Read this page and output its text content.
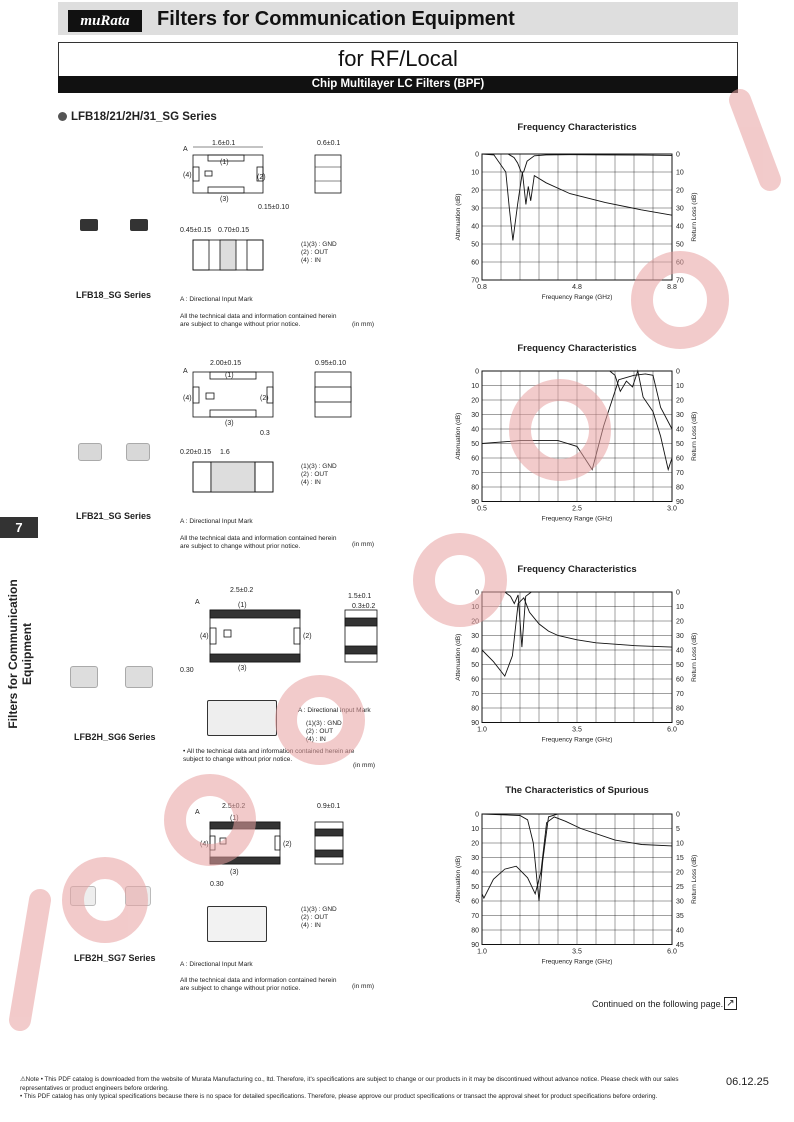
muRata	Filters for Communication Equipment
for RF/Local
Chip Multilayer LC Filters (BPF)
LFB18/21/2H/31_SG Series
7
Filters for Communication Equipment
LFB18_SG Series
1.6±0.1
A
(1)
(4)	(2)
(3)
0.15±0.10
0.6±0.1
0.45±0.15 0.70±0.15
(1)(3) : GND
(2) : OUT
(4) : IN
A : Directional Input Mark
All the technical data and information contained herein are subject to change without prior notice.	(in mm)
LFB21_SG Series
2.00±0.15
A
(1)
(4)	(2)
(3)
0.3
0.95±0.10
0.20±0.15 1.6
(1)(3) : GND
(2) : OUT
(4) : IN
A : Directional Input Mark
All the technical data and information contained herein are subject to change without prior notice.	(in mm)
LFB2H_SG6 Series
2.5±0.2
A	(1)
(4)	(2)
(3)
0.30
1.5±0.1
0.3±0.2
A : Directional Input Mark
(1)(3) : GND
(2) : OUT
(4) : IN
• All the technical data and information contained herein are subject to change without prior notice.
(in mm)
LFB2H_SG7 Series
2.5±0.2
A
(1)
(4)	(2)
(3)
0.30
0.9±0.1
(1)(3) : GND
(2) : OUT
(4) : IN
A : Directional Input Mark
All the technical data and information contained herein are subject to change without prior notice.	(in mm)
Frequency Characteristics
0	0
10	10
20	20
30	30
40	40
50	50
60	60
70	70
0.8	4.8	8.8
Frequency Range (GHz)
Attenuation (dB)	Return Loss (dB)
Frequency Characteristics
0	0
10	10
20	20
30	30
40	40
50	50
60	60
70	70
80	80
90	90
0.5	2.5	3.0
Frequency Range (GHz)
Attenuation (dB)	Return Loss (dB)
Frequency Characteristics
0	0
10	10
20	20
30	30
40	40
50	50
60	60
70	70
80	80
90	90
1.0	3.5	6.0
Frequency Range (GHz)
Attenuation (dB)	Return Loss (dB)
The Characteristics of Spurious
0	0
10	5
20	10
30	15
40	20
50	25
60	30
70	35
80	40
90	45
1.0	3.5	6.0
Frequency Range (GHz)
Attenuation (dB)	Return Loss (dB)
Continued on the following page. ↗
⚠Note • This PDF catalog is downloaded from the website of Murata Manufacturing co., ltd. Therefore, it's specifications are subject to change or our products in it may be discontinued without advance notice. Please check with our sales representatives or product engineers before ordering.
• This PDF catalog has only typical specifications because there is no space for detailed specifications. Therefore, please approve our product specifications or transact the approval sheet for product specifications before ordering.
06.12.25
